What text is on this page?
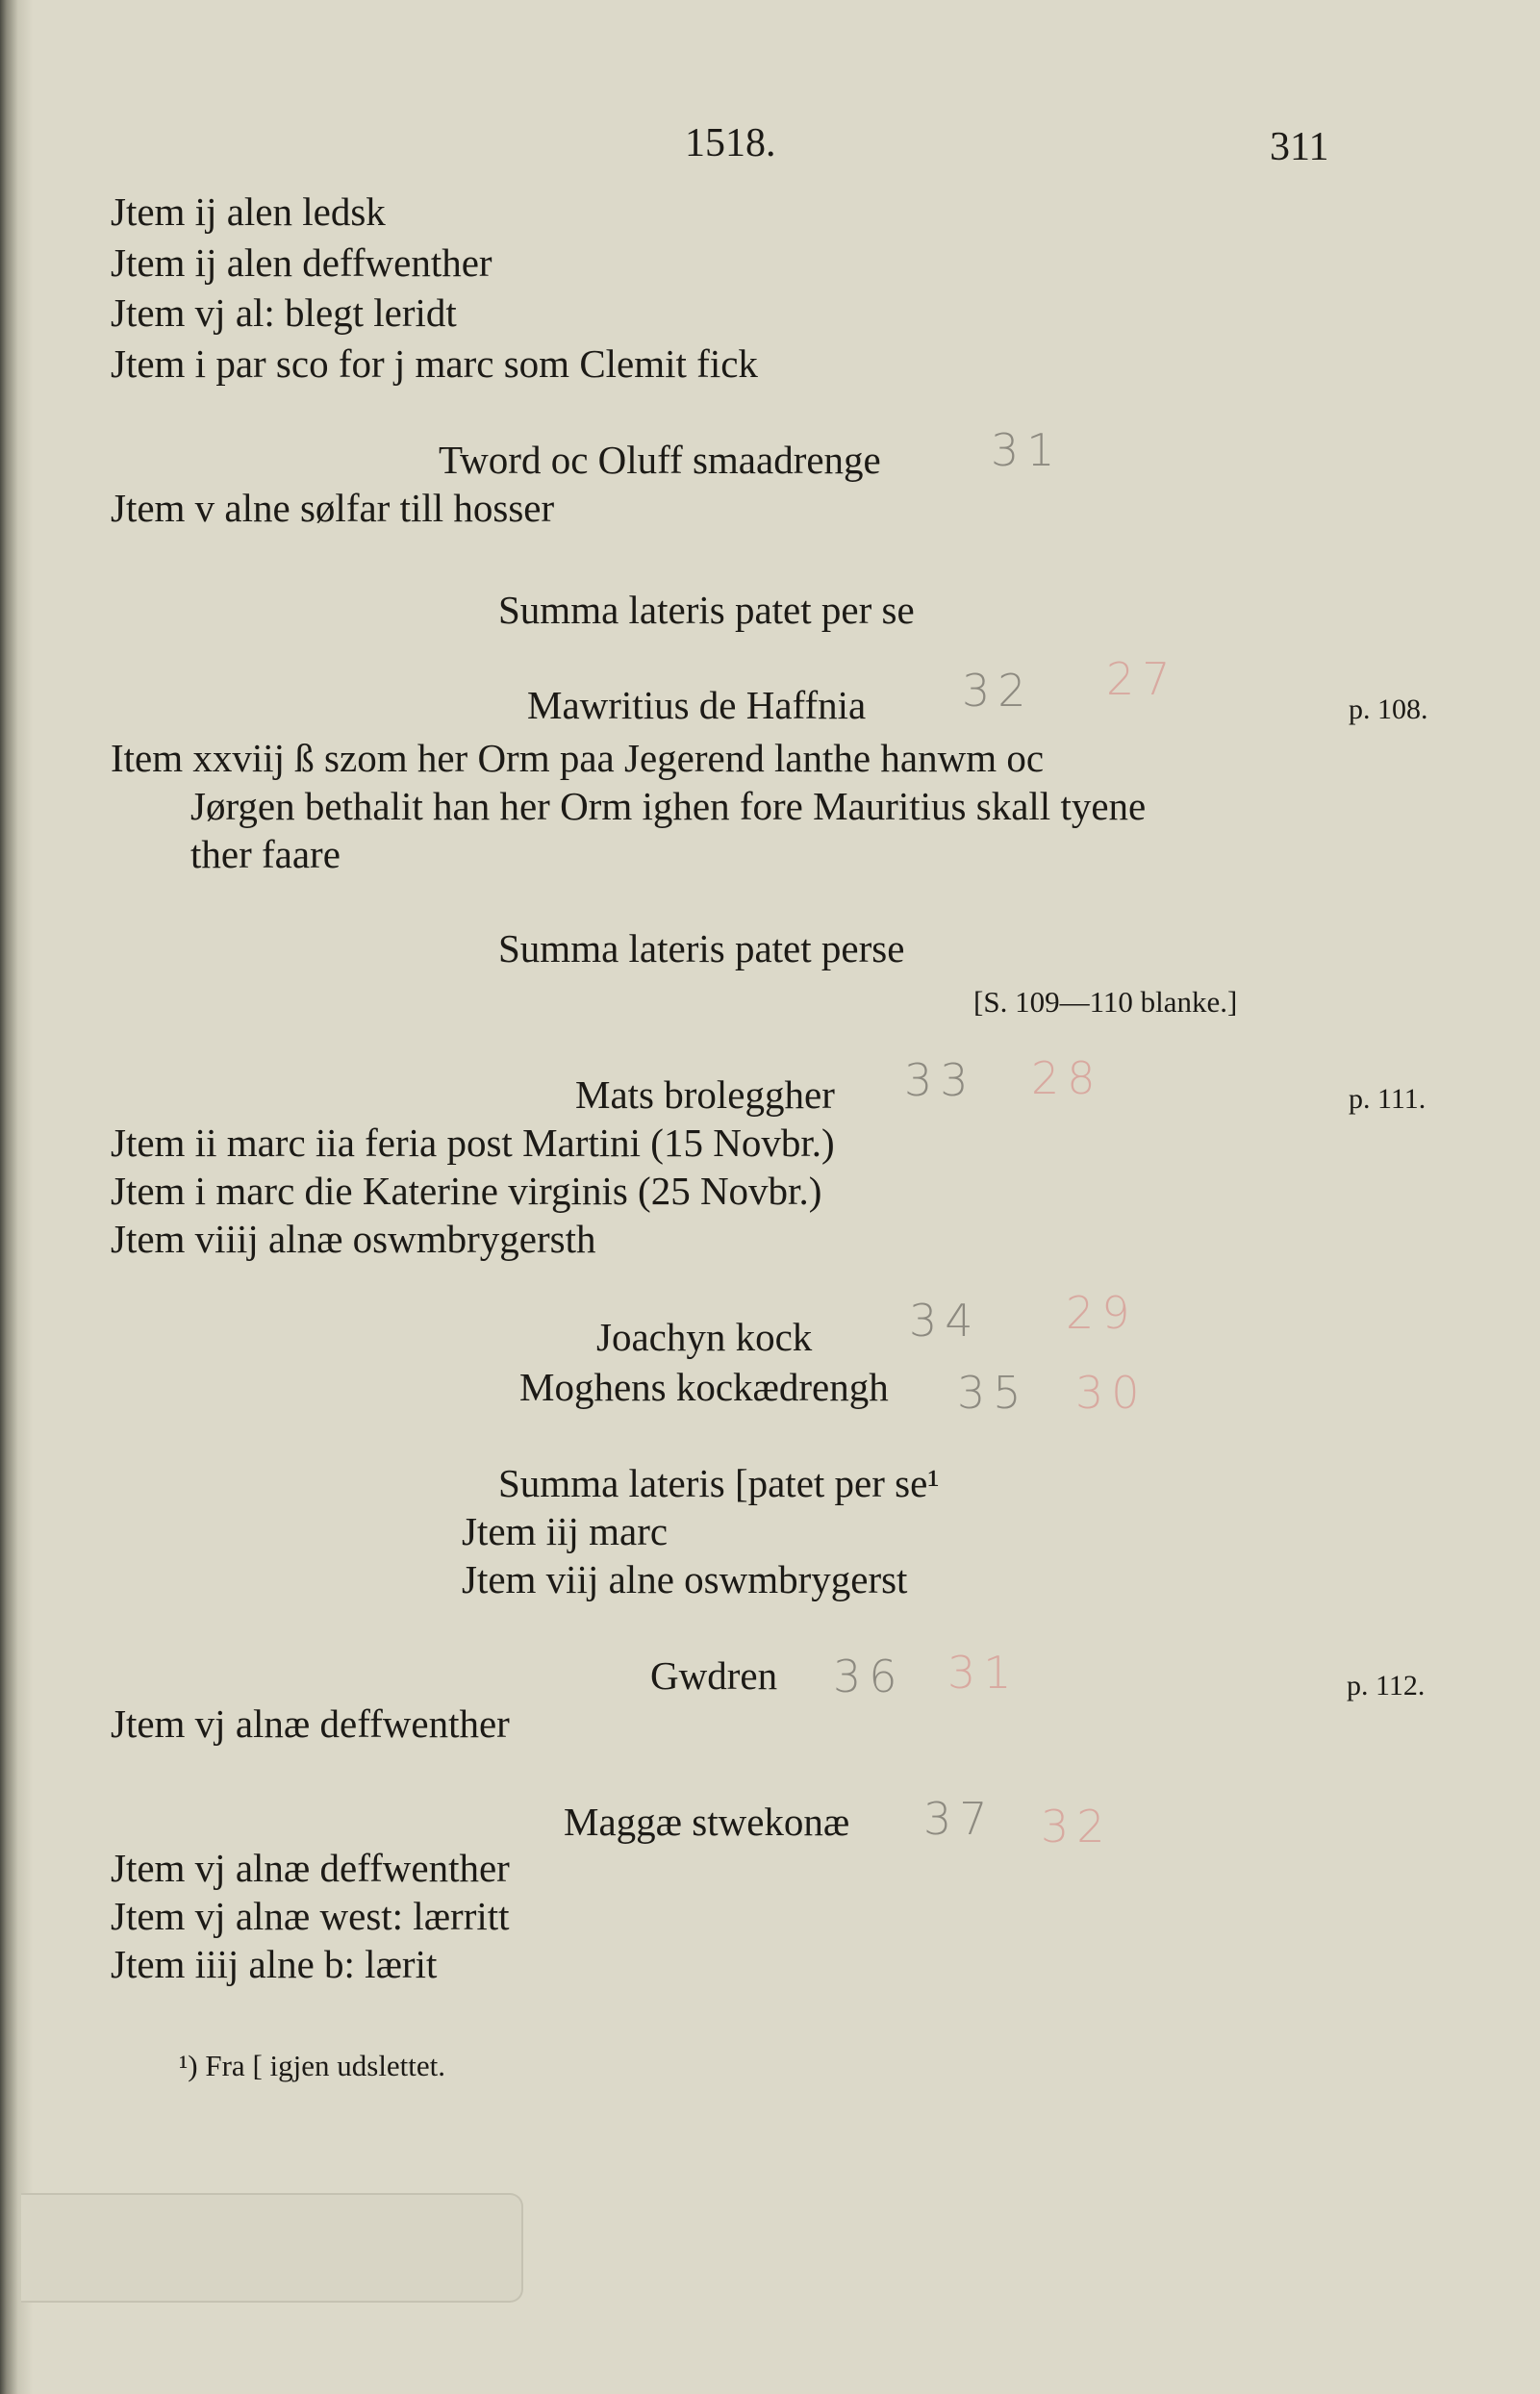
1518.	311
Jtem ij alen ledsk
Jtem ij alen deffwenther
Jtem vj al: blegt leridt
Jtem i par sco for j marc som Clemit fick
Tword oc Oluff smaadrenge 31
Jtem v alne sølfar till hosser
Summa lateris patet per se
Mawritius de Haffnia 32 27
p. 108.
Item xxviij ß szom her Orm paa Jegerend lanthe hanwm oc
Jørgen bethalit han her Orm ighen fore Mauritius skall tyene
ther faare
Summa lateris patet perse
[S. 109—110 blanke.]
Mats broleggher 33 28	p. 111.
Jtem ii marc iia feria post Martini (15 Novbr.)
Jtem i marc die Katerine virginis (25 Novbr.)
Jtem viiij alnæ oswmbrygersth
Joachyn kock 34 29
Moghens kockædrengh 35 30
Summa lateris [patet per se¹
Jtem iij marc
Jtem viij alne oswmbrygerst
Gwdren 36 31	p. 112.
Jtem vj alnæ deffwenther
Maggæ stwekonæ 37 32
Jtem vj alnæ deffwenther
Jtem vj alnæ west: lærritt
Jtem iiij alne b: lærit
¹) Fra [ igjen udslettet.
